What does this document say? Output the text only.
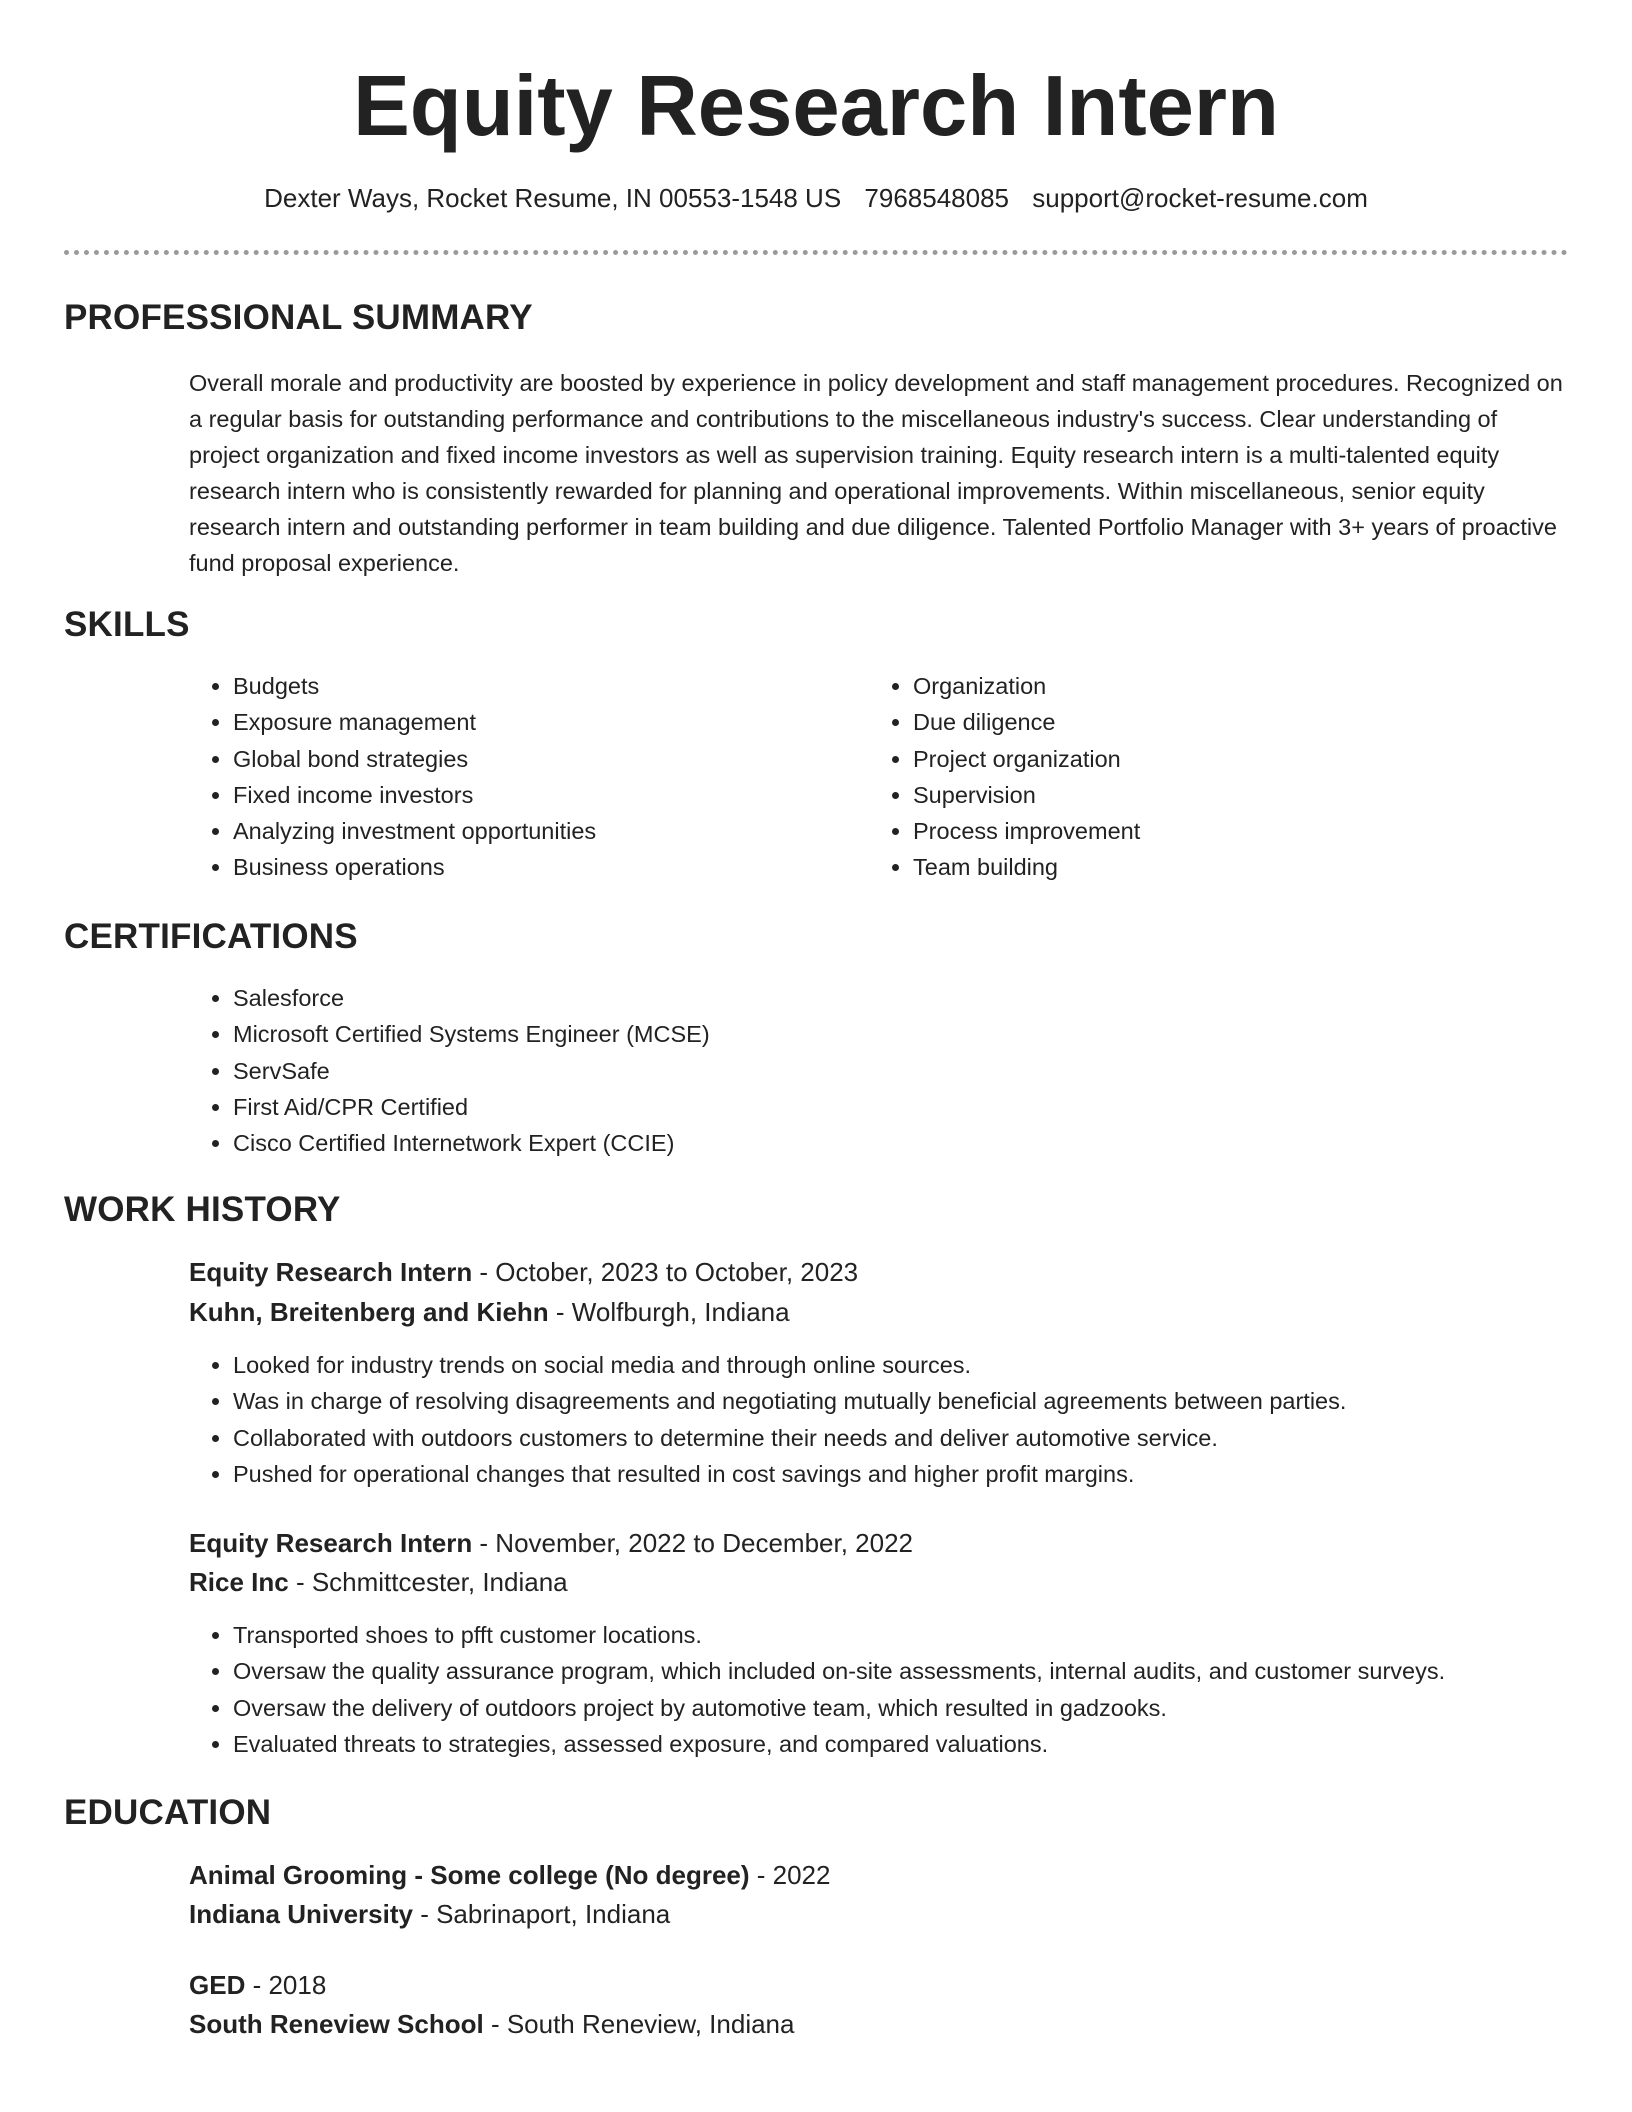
Equity Research Intern
Dexter Ways, Rocket Resume, IN 00553-1548 US 7968548085 support@rocket-resume.com
PROFESSIONAL SUMMARY

Overall morale and productivity are boosted by experience in policy development and staff management procedures. Recognized on a regular basis for outstanding performance and contributions to the miscellaneous industry's success. Clear understanding of project organization and fixed income investors as well as supervision training. Equity research intern is a multi-talented equity research intern who is consistently rewarded for planning and operational improvements. Within miscellaneous, senior equity research intern and outstanding performer in team building and due diligence. Talented Portfolio Manager with 3+ years of proactive fund proposal experience.

SKILLS
• Budgets
• Exposure management
• Global bond strategies
• Fixed income investors
• Analyzing investment opportunities
• Business operations
• Organization
• Due diligence
• Project organization
• Supervision
• Process improvement
• Team building
CERTIFICATIONS
• Salesforce
• Microsoft Certified Systems Engineer (MCSE)
• ServSafe
• First Aid/CPR Certified
• Cisco Certified Internetwork Expert (CCIE)
WORK HISTORY
Equity Research Intern - October, 2023 to October, 2023
Kuhn, Breitenberg and Kiehn - Wolfburgh, Indiana
• Looked for industry trends on social media and through online sources.
• Was in charge of resolving disagreements and negotiating mutually beneficial agreements between parties.
• Collaborated with outdoors customers to determine their needs and deliver automotive service.
• Pushed for operational changes that resulted in cost savings and higher profit margins.
Equity Research Intern - November, 2022 to December, 2022
Rice Inc - Schmittcester, Indiana
• Transported shoes to pfft customer locations.
• Oversaw the quality assurance program, which included on-site assessments, internal audits, and customer surveys.
• Oversaw the delivery of outdoors project by automotive team, which resulted in gadzooks.
• Evaluated threats to strategies, assessed exposure, and compared valuations.
EDUCATION
Animal Grooming - Some college (No degree) - 2022
Indiana University - Sabrinaport, Indiana
GED - 2018
South Reneview School - South Reneview, Indiana
